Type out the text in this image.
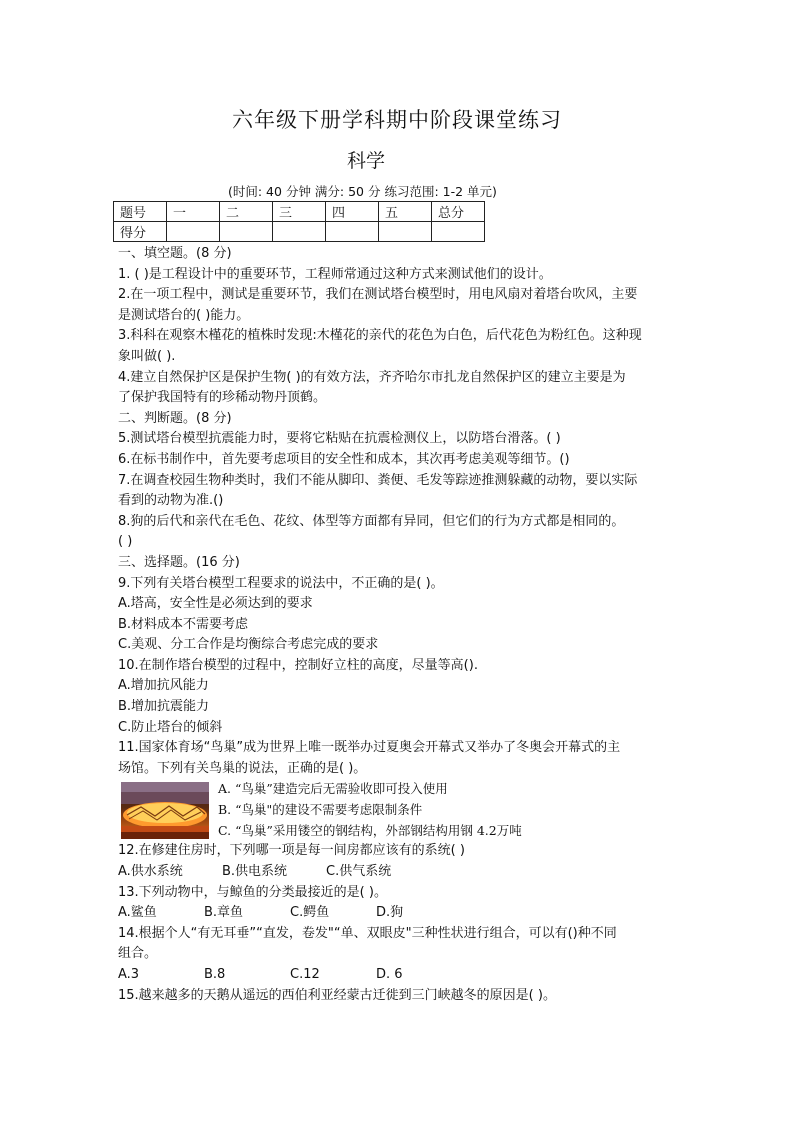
六年级下册学科期中阶段课堂练习
科学
(时间: 40 分钟 满分: 50 分 练习范围: 1-2 单元)
题号	一	二	三	四	五	总分
得分						

一、填空题。(8 分)

1. ( )是工程设计中的重要环节，工程师常通过这种方式来测试他们的设计。

2.在一项工程中，测试是重要环节，我们在测试塔台模型时，用电风扇对着塔台吹风，主要

是测试塔台的( )能力。

3.科科在观察木槿花的植株时发现:木槿花的亲代的花色为白色，后代花色为粉红色。这种现

象叫做( ).

4.建立自然保护区是保护生物( )的有效方法，齐齐哈尔市扎龙自然保护区的建立主要是为

了保护我国特有的珍稀动物丹顶鹤。

二、判断题。(8 分)

5.测试塔台模型抗震能力时，要将它粘贴在抗震检测仪上，以防塔台滑落。( )

6.在标书制作中，首先要考虑项目的安全性和成本，其次再考虑美观等细节。()

7.在调查校园生物种类时，我们不能从脚印、粪便、毛发等踪迹推测躲藏的动物，要以实际

看到的动物为准.()

8.狗的后代和亲代在毛色、花纹、体型等方面都有异同，但它们的行为方式都是相同的。

( )

三、选择题。(16 分)

9.下列有关塔台模型工程要求的说法中，不正确的是( )。

A.塔高，安全性是必须达到的要求

B.材料成本不需要考虑

C.美观、分工合作是均衡综合考虑完成的要求

10.在制作塔台模型的过程中，控制好立柱的高度，尽量等高().

A.增加抗风能力

B.增加抗震能力

C.防止塔台的倾斜

11.国家体育场“鸟巢”成为世界上唯一既举办过夏奥会开幕式又举办了冬奥会开幕式的主

场馆。下列有关鸟巢的说法，正确的是( )。

A. “鸟巢”建造完后无需验收即可投入使用
B. “鸟巢"的建设不需要考虑限制条件
C. “鸟巢”采用镂空的钢结构，外部钢结构用钢 4.2万吨

12.在修建住房时，下列哪一项是每一间房都应该有的系统( )

A.供水系统	B.供电系统	C.供气系统

13.下列动物中，与鲸鱼的分类最接近的是( )。

A.鲨鱼	B.章鱼	C.鳄鱼	D.狗

14.根据个人“有无耳垂”“直发，卷发"“单、双眼皮"三种性状进行组合，可以有()种不同

组合。

A.3	B.8	C.12	D. 6

15.越来越多的天鹅从遥远的西伯利亚经蒙古迁徙到三门峡越冬的原因是( )。
